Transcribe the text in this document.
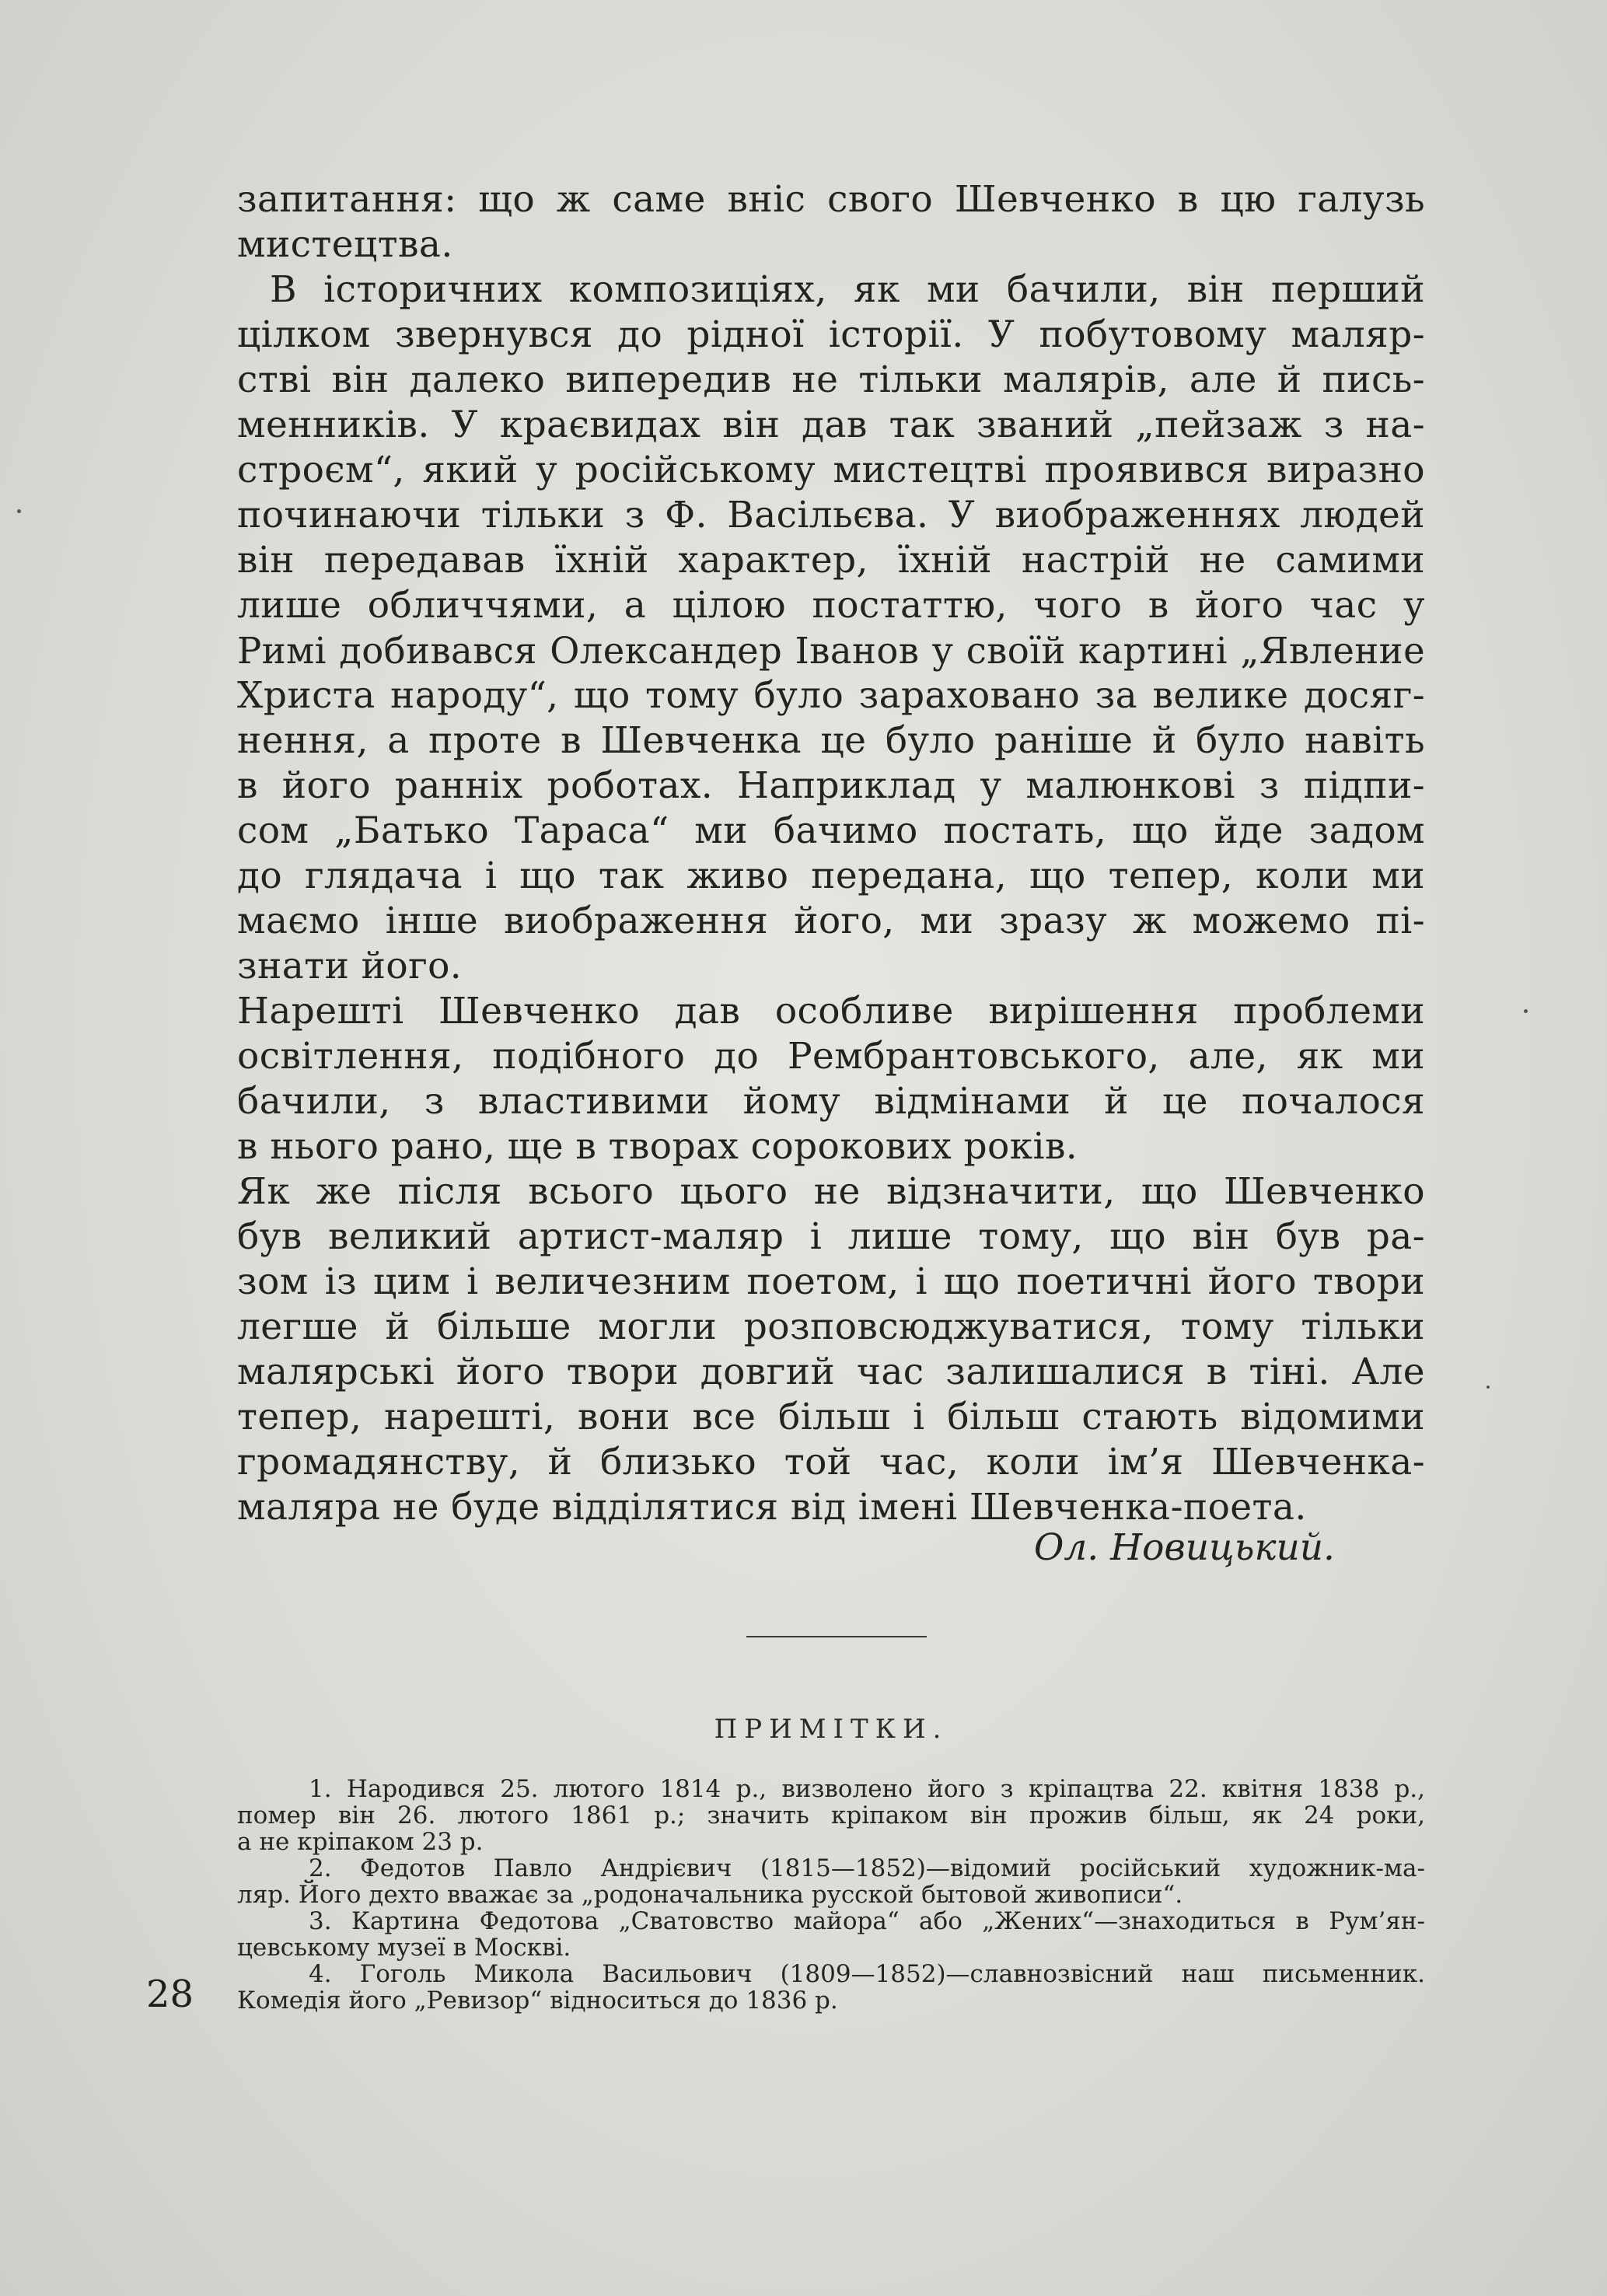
запитання: що ж саме вніс свого Шевченко в цю галузь
мистецтва.
В історичних композиціях, як ми бачили, він перший
цілком звернувся до рідної історії. У побутовому маляр-
стві він далеко випередив не тільки малярів, але й пись-
менників. У краєвидах він дав так званий „пейзаж з на-
строєм“, який у російському мистецтві проявився виразно
починаючи тільки з Ф. Васільєва. У виображеннях людей
він передавав їхній характер, їхній настрій не самими
лише обличчями, а цілою постаттю, чого в його час у
Римі добивався Олександер Іванов у своїй картині „Явление
Христа народу“, що тому було зараховано за велике досяг-
нення, а проте в Шевченка це було раніше й було навіть
в його ранніх роботах. Наприклад у малюнкові з підпи-
сом „Батько Тараса“ ми бачимо постать, що йде задом
до глядача і що так живо передана, що тепер, коли ми
маємо інше виображення його, ми зразу ж можемо пі-
знати його.
Нарешті Шевченко дав особливе вирішення проблеми
освітлення, подібного до Рембрантовського, але, як ми
бачили, з властивими йому відмінами й це почалося
в нього рано, ще в творах сорокових років.
Як же після всього цього не відзначити, що Шевченко
був великий артист-маляр і лише тому, що він був ра-
зом із цим і величезним поетом, і що поетичні його твори
легше й більше могли розповсюджуватися, тому тільки
малярські його твори довгий час залишалися в тіні. Але
тепер, нарешті, вони все більш і більш стають відомими
громадянству, й близько той час, коли ім’я Шевченка-
маляра не буде відділятися від імені Шевченка-поета.
Ол. Новицький.
ПРИМІТКИ.
1. Народився 25. лютого 1814 р., визволено його з кріпацтва 22. квітня 1838 р.,
помер він 26. лютого 1861 р.; значить кріпаком він прожив більш, як 24 роки,
а не кріпаком 23 р.
2. Федотов Павло Андрієвич (1815—1852)—відомий російський художник-ма-
ляр. Його дехто вважає за „родоначальника русской бытовой живописи“.
3. Картина Федотова „Сватовство майора“ або „Жених“—знаходиться в Рум’ян-
цевському музеї в Москві.
4. Гоголь Микола Васильович (1809—1852)—славнозвісний наш письменник.
Комедія його „Ревизор“ відноситься до 1836 р.
28
